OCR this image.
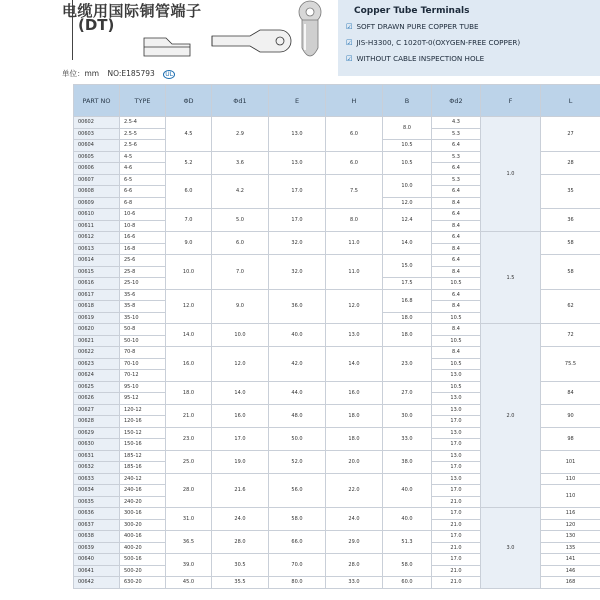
电缆用国际铜管端子
(DT)
Copper Tube Terminals
☑ SOFT DRAWN PURE COPPER TUBE
☑ JIS-H3300, C 1020T-0(OXYGEN-FREE COPPER)
☑ WITHOUT CABLE INSPECTION HOLE
单位：mm NO:E185793 UL
PART NO	TYPE	ΦD	Φd1	E	H	B	Φd2	F	L
00602	2.5-4	4.5	2.9	13.0	6.0	8.0	4.3	1.0	27
00603	2.5-5						5.3		
00604	2.5-6					10.5	6.4		
00605	4-5	5.2	3.6	13.0	6.0	10.5	5.3		28
00606	4-6						6.4		
00607	6-5	6.0	4.2	17.0	7.5	10.0	5.3		35
00608	6-6						6.4		
00609	6-8					12.0	8.4		
00610	10-6	7.0	5.0	17.0	8.0	12.4	6.4		36
00611	10-8						8.4		
00612	16-6	9.0	6.0	32.0	11.0	14.0	6.4	1.5	58
00613	16-8						8.4		
00614	25-6	10.0	7.0	32.0	11.0	15.0	6.4		58
00615	25-8						8.4		
00616	25-10					17.5	10.5		
00617	35-6	12.0	9.0	36.0	12.0	16.8	6.4		62
00618	35-8						8.4		
00619	35-10					18.0	10.5		
00620	50-8	14.0	10.0	40.0	13.0	18.0	8.4	2.0	72
00621	50-10						10.5		
00622	70-8	16.0	12.0	42.0	14.0	23.0	8.4		75.5
00623	70-10						10.5		
00624	70-12						13.0		
00625	95-10	18.0	14.0	44.0	16.0	27.0	10.5		84
00626	95-12						13.0		
00627	120-12	21.0	16.0	48.0	18.0	30.0	13.0		90
00628	120-16						17.0		
00629	150-12	23.0	17.0	50.0	18.0	33.0	13.0		98
00630	150-16						17.0		
00631	185-12	25.0	19.0	52.0	20.0	38.0	13.0		101
00632	185-16						17.0		
00633	240-12	28.0	21.6	56.0	22.0	40.0	13.0		110
00634	240-16						17.0		110
00635	240-20						21.0		
00636	300-16	31.0	24.0	58.0	24.0	40.0	17.0	3.0	116
00637	300-20						21.0		120
00638	400-16	36.5	28.0	66.0	29.0	51.3	17.0		130
00639	400-20						21.0		135
00640	500-16	39.0	30.5	70.0	28.0	58.0	17.0		141
00641	500-20						21.0		146
00642	630-20	45.0	35.5	80.0	33.0	60.0	21.0		168
